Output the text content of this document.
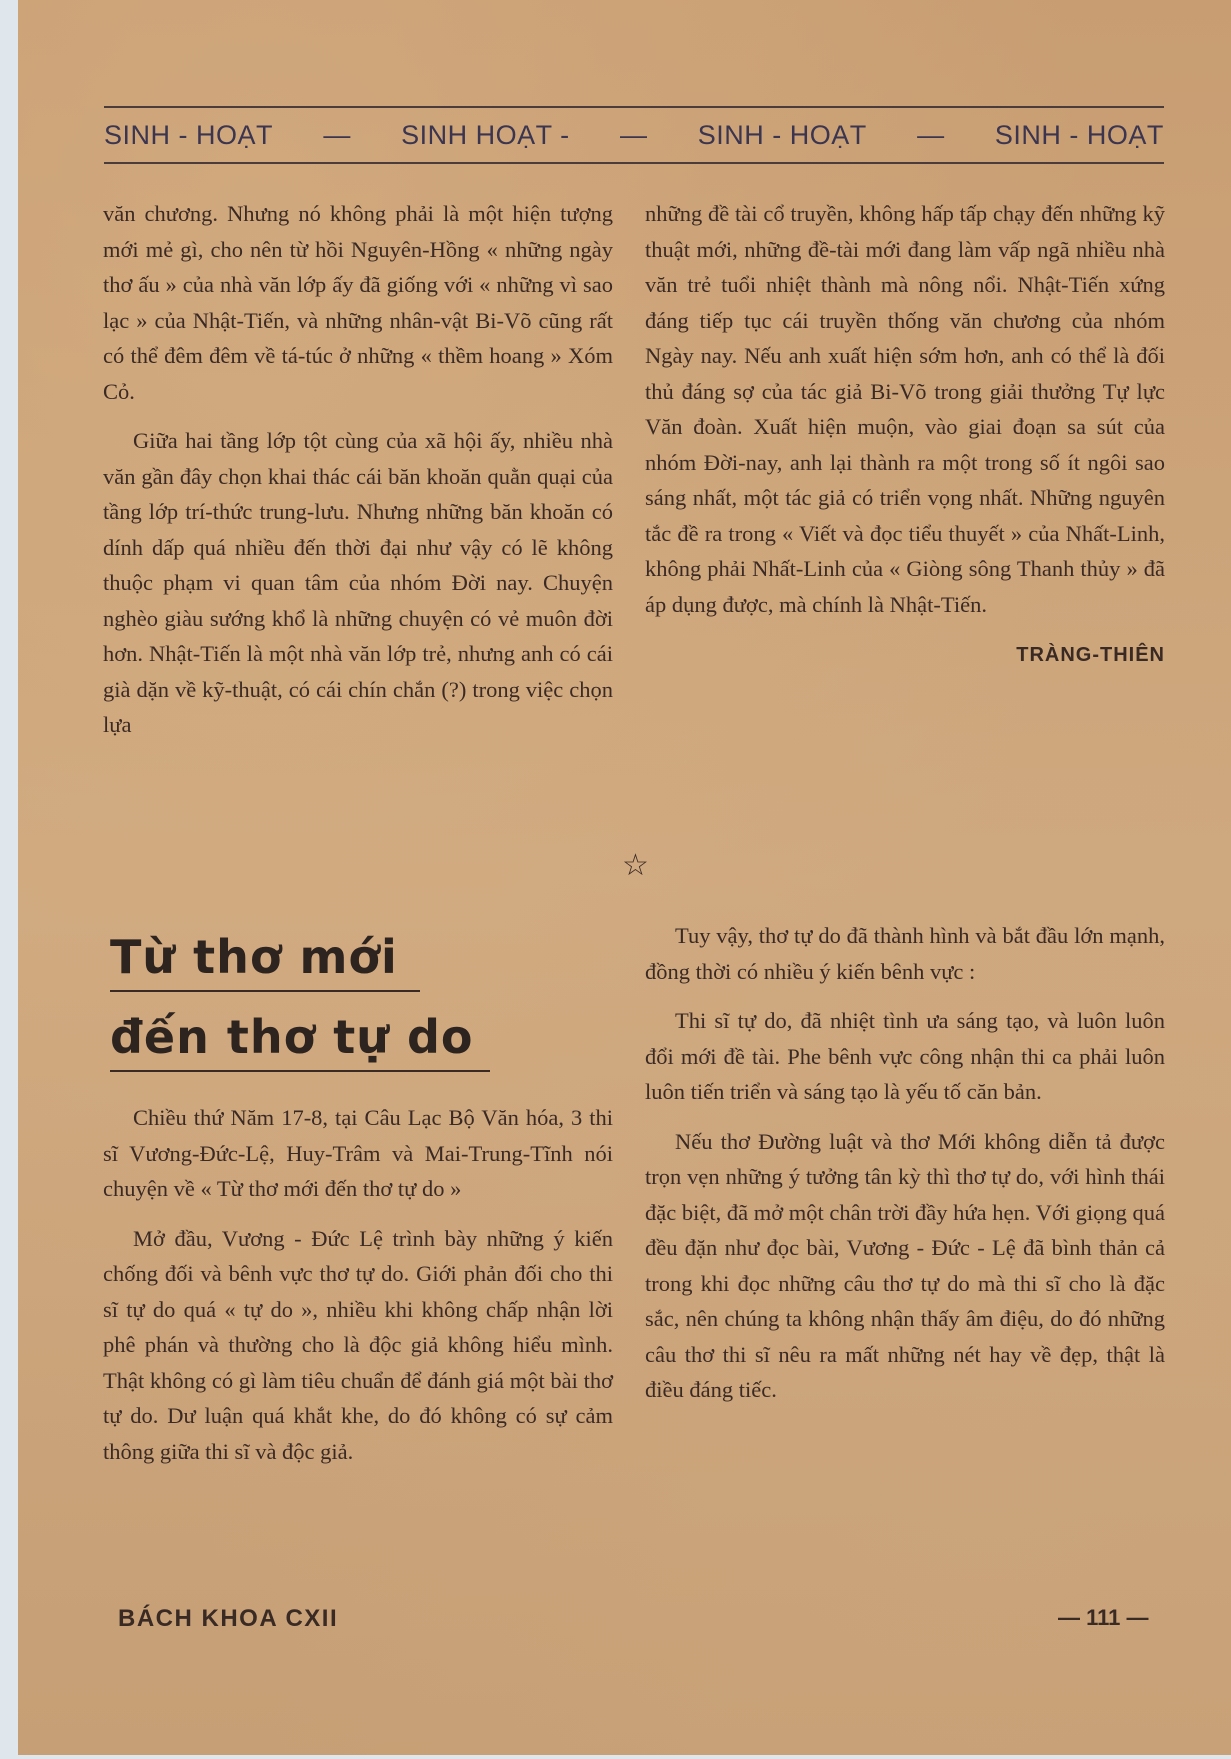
SINH - HOẠT — SINH HOẠT - — SINH - HOẠT — SINH - HOẠT

văn chương. Nhưng nó không phải là một hiện tượng mới mẻ gì, cho nên từ hồi Nguyên-Hồng « những ngày thơ ấu » của nhà văn lớp ấy đã giống với « những vì sao lạc » của Nhật-Tiến, và những nhân-vật Bi-Võ cũng rất có thể đêm đêm về tá-túc ở những « thềm hoang » Xóm Cỏ.

Giữa hai tầng lớp tột cùng của xã hội ấy, nhiều nhà văn gần đây chọn khai thác cái băn khoăn quằn quại của tầng lớp trí-thức trung-lưu. Nhưng những băn khoăn có dính dấp quá nhiều đến thời đại như vậy có lẽ không thuộc phạm vi quan tâm của nhóm Đời nay. Chuyện nghèo giàu sướng khổ là những chuyện có vẻ muôn đời hơn. Nhật-Tiến là một nhà văn lớp trẻ, nhưng anh có cái già dặn về kỹ-thuật, có cái chín chắn (?) trong việc chọn lựa

những đề tài cổ truyền, không hấp tấp chạy đến những kỹ thuật mới, những đề-tài mới đang làm vấp ngã nhiều nhà văn trẻ tuổi nhiệt thành mà nông nổi. Nhật-Tiến xứng đáng tiếp tục cái truyền thống văn chương của nhóm Ngày nay. Nếu anh xuất hiện sớm hơn, anh có thể là đối thủ đáng sợ của tác giả Bi-Võ trong giải thưởng Tự lực Văn đoàn. Xuất hiện muộn, vào giai đoạn sa sút của nhóm Đời-nay, anh lại thành ra một trong số ít ngôi sao sáng nhất, một tác giả có triển vọng nhất. Những nguyên tắc đề ra trong « Viết và đọc tiểu thuyết » của Nhất-Linh, không phải Nhất-Linh của « Giòng sông Thanh thủy » đã áp dụng được, mà chính là Nhật-Tiến.

TRÀNG-THIÊN
☆
Từ thơ mới
đến thơ tự do

Chiều thứ Năm 17-8, tại Câu Lạc Bộ Văn hóa, 3 thi sĩ Vương-Đức-Lệ, Huy-Trâm và Mai-Trung-Tĩnh nói chuyện về « Từ thơ mới đến thơ tự do »

Mở đầu, Vương - Đức Lệ trình bày những ý kiến chống đối và bênh vực thơ tự do. Giới phản đối cho thi sĩ tự do quá « tự do », nhiều khi không chấp nhận lời phê phán và thường cho là độc giả không hiểu mình. Thật không có gì làm tiêu chuẩn để đánh giá một bài thơ tự do. Dư luận quá khắt khe, do đó không có sự cảm thông giữa thi sĩ và độc giả.

Tuy vậy, thơ tự do đã thành hình và bắt đầu lớn mạnh, đồng thời có nhiều ý kiến bênh vực :

Thi sĩ tự do, đã nhiệt tình ưa sáng tạo, và luôn luôn đổi mới đề tài. Phe bênh vực công nhận thi ca phải luôn luôn tiến triển và sáng tạo là yếu tố căn bản.

Nếu thơ Đường luật và thơ Mới không diễn tả được trọn vẹn những ý tưởng tân kỳ thì thơ tự do, với hình thái đặc biệt, đã mở một chân trời đầy hứa hẹn. Với giọng quá đều đặn như đọc bài, Vương - Đức - Lệ đã bình thản cả trong khi đọc những câu thơ tự do mà thi sĩ cho là đặc sắc, nên chúng ta không nhận thấy âm điệu, do đó những câu thơ thi sĩ nêu ra mất những nét hay về đẹp, thật là điều đáng tiếc.

BÁCH KHOA CXII	— 111 —
